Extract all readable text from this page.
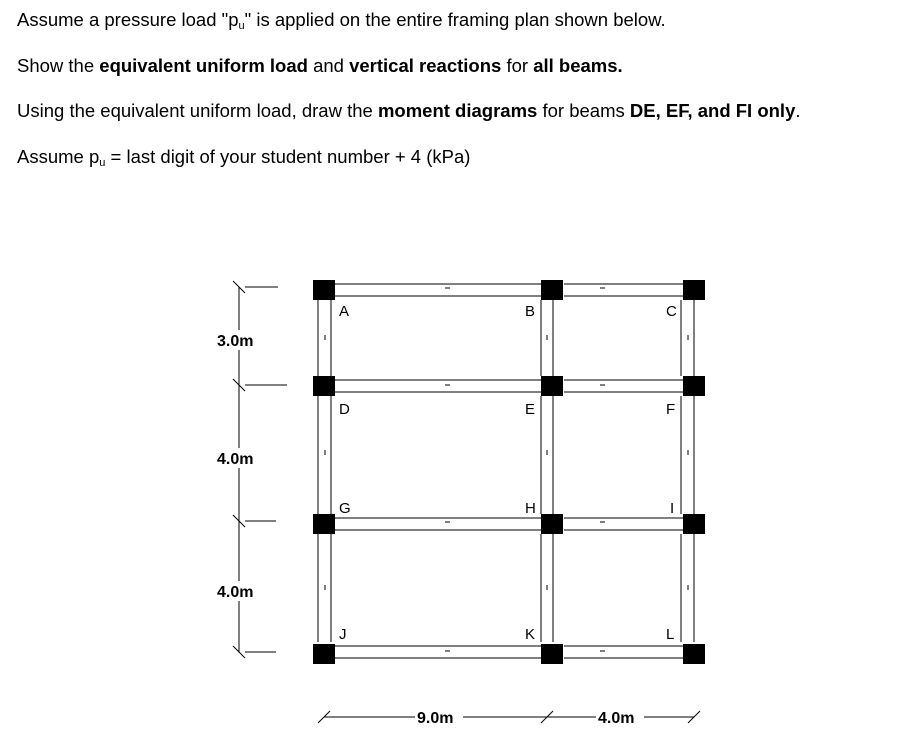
Assume a pressure load "$p_u$" is applied on the entire framing plan shown below.
Show the equivalent uniform load and vertical reactions for all beams.
Using the equivalent uniform load, draw the moment diagrams for beams DE, EF, and FI only.
Assume $p_u$ = last digit of your student number + 4 (kPa)
A	B	C
D	E	F
G	H	I
J	K	L
3.0m
4.0m
4.0m
9.0m	4.0m
